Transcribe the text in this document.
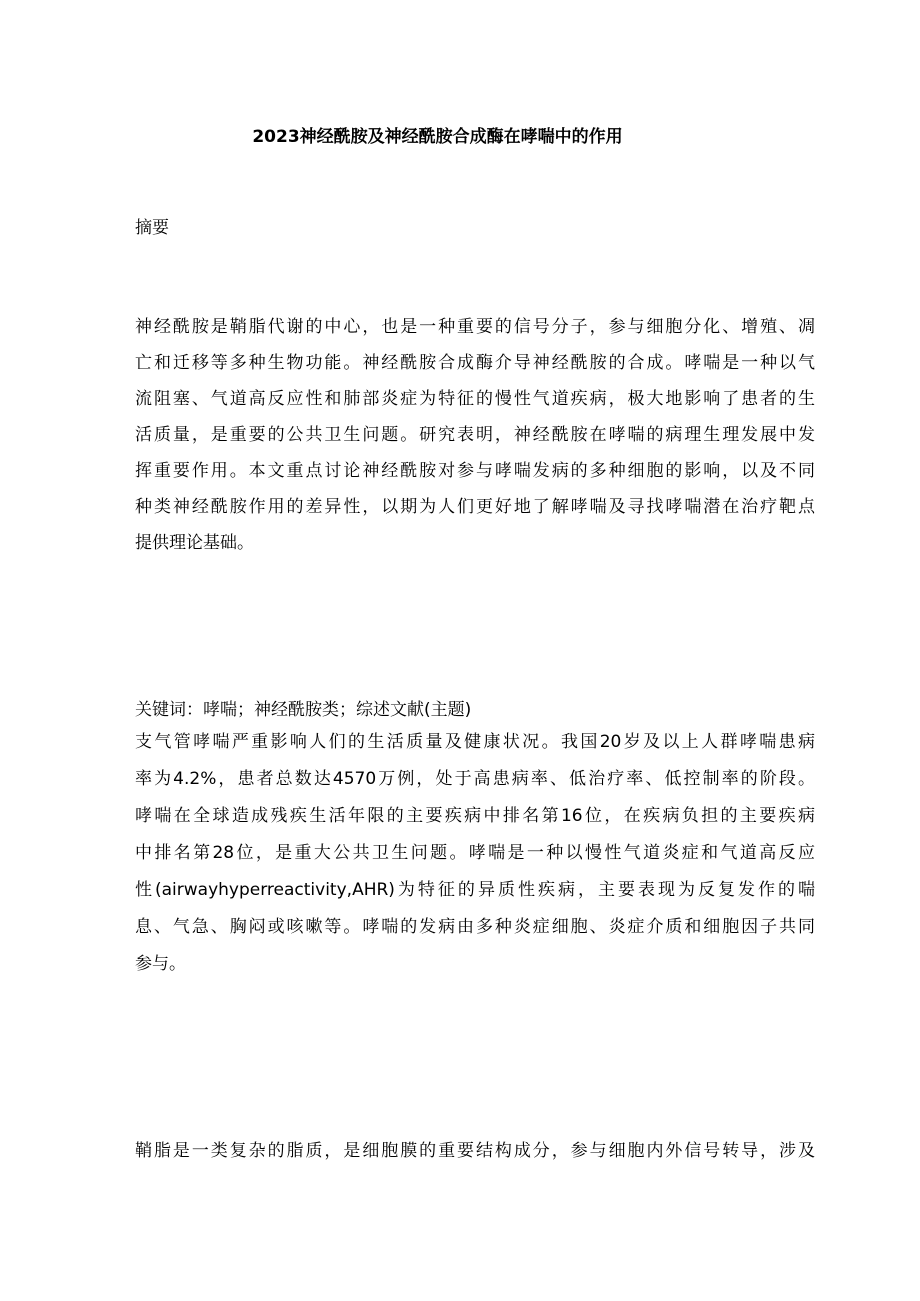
2023神经酰胺及神经酰胺合成酶在哮喘中的作用
摘要
神经酰胺是鞘脂代谢的中心，也是一种重要的信号分子，参与细胞分化、增殖、凋
亡和迁移等多种生物功能。神经酰胺合成酶介导神经酰胺的合成。哮喘是一种以气
流阻塞、气道高反应性和肺部炎症为特征的慢性气道疾病，极大地影响了患者的生
活质量，是重要的公共卫生问题。研究表明，神经酰胺在哮喘的病理生理发展中发
挥重要作用。本文重点讨论神经酰胺对参与哮喘发病的多种细胞的影响，以及不同
种类神经酰胺作用的差异性，以期为人们更好地了解哮喘及寻找哮喘潜在治疗靶点
提供理论基础。
关键词：哮喘；神经酰胺类；综述文献(主题)
支气管哮喘严重影响人们的生活质量及健康状况。我国20岁及以上人群哮喘患病
率为4.2%，患者总数达4570万例，处于高患病率、低治疗率、低控制率的阶段。
哮喘在全球造成残疾生活年限的主要疾病中排名第16位，在疾病负担的主要疾病
中排名第28位，是重大公共卫生问题。哮喘是一种以慢性气道炎症和气道高反应
性(airwayhyperreactivity,AHR)为特征的异质性疾病，主要表现为反复发作的喘
息、气急、胸闷或咳嗽等。哮喘的发病由多种炎症细胞、炎症介质和细胞因子共同
参与。
鞘脂是一类复杂的脂质，是细胞膜的重要结构成分，参与细胞内外信号转导，涉及
